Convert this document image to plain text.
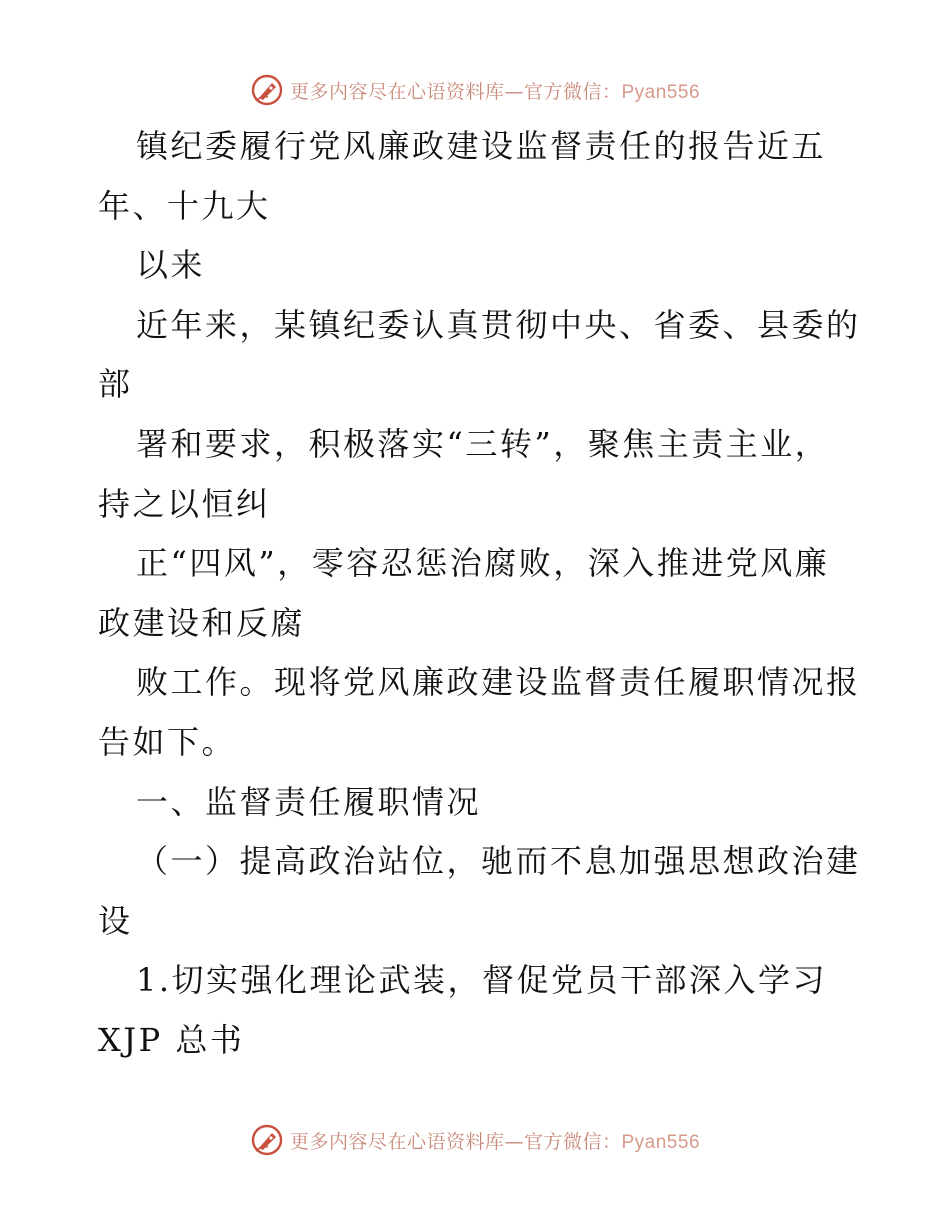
更多内容尽在心语资料库—官方微信：Pyan556
镇纪委履行党风廉政建设监督责任的报告近五
年、十九大
以来
近年来，某镇纪委认真贯彻中央、省委、县委的
部
署和要求，积极落实“三转”，聚焦主责主业，
持之以恒纠
正“四风”，零容忍惩治腐败，深入推进党风廉
政建设和反腐
败工作。现将党风廉政建设监督责任履职情况报
告如下。
一、监督责任履职情况
（一）提高政治站位，驰而不息加强思想政治建
设
1.切实强化理论武装，督促党员干部深入学习
XJP 总书
更多内容尽在心语资料库—官方微信：Pyan556
